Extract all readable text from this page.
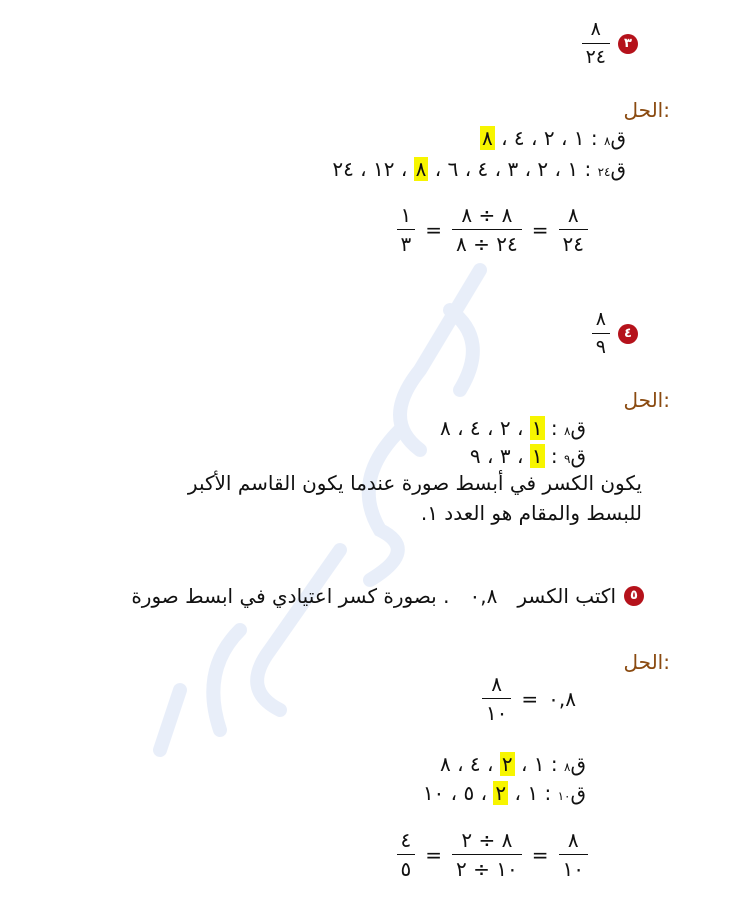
٣
$\frac{٨}{٢٤}$
الحل:
ق٨ : ١ ، ٢ ، ٤ ، ٨
ق٢٤ : ١ ، ٢ ، ٣ ، ٤ ، ٦ ، ٨ ، ١٢ ، ٢٤
$\frac{٨}{٢٤}$
=
$\frac{٨ \div ٨}{٢٤ \div ٨}$
=
$\frac{١}{٣}$
٤
$\frac{٨}{٩}$
الحل:
ق٨ : ١ ، ٢ ، ٤ ، ٨
ق٩ : ١ ، ٣ ، ٩
يكون الكسر في أبسط صورة عندما يكون القاسم الأكبر
للبسط والمقام هو العدد ١.
٥
اكتب الكسر
٠,٨
بصورة كسر اعتيادي في ابسط صورة .
الحل:
٠,٨
=
$\frac{٨}{١٠}$
ق٨ : ١ ، ٢ ، ٤ ، ٨
ق١٠ : ١ ، ٢ ، ٥ ، ١٠
$\frac{٨}{١٠}$
=
$\frac{٨ \div ٢}{١٠ \div ٢}$
=
$\frac{٤}{٥}$
